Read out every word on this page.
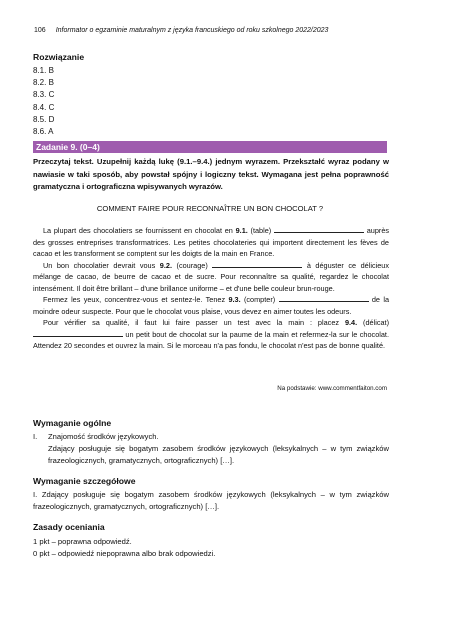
106 Informator o egzaminie maturalnym z języka francuskiego od roku szkolnego 2022/2023
Rozwiązanie
8.1. B
8.2. B
8.3. C
8.4. C
8.5. D
8.6. A
Zadanie 9. (0–4)
Przeczytaj tekst. Uzupełnij każdą lukę (9.1.–9.4.) jednym wyrazem. Przekształć wyraz podany w nawiasie w taki sposób, aby powstał spójny i logiczny tekst. Wymagana jest pełna poprawność gramatyczna i ortograficzna wpisywanych wyrazów.
COMMENT FAIRE POUR RECONNAÎTRE UN BON CHOCOLAT ?

La plupart des chocolatiers se fournissent en chocolat en 9.1. (table)	auprès des grosses entreprises transformatrices. Les petites chocolateries qui importent directement les fèves de cacao et les transforment se comptent sur les doigts de la main en France.

Un bon chocolatier devrait vous 9.2. (courage)	à déguster ce délicieux mélange de cacao, de beurre de cacao et de sucre. Pour reconnaître sa qualité, regardez le chocolat intensément. Il doit être brillant – d'une brillance uniforme – et d'une belle couleur brun-rouge.

Fermez les yeux, concentrez-vous et sentez-le. Tenez 9.3. (compter)	de la moindre odeur suspecte. Pour que le chocolat vous plaise, vous devez en aimer toutes les odeurs.

Pour vérifier sa qualité, il faut lui faire passer un test avec la main : placez 9.4. (délicat)  un petit bout de chocolat sur la paume de la main et refermez-la sur le chocolat. Attendez 20 secondes et ouvrez la main. Si le morceau n'a pas fondu, le chocolat n'est pas de bonne qualité.

Na podstawie: www.commentfaiton.com
Wymaganie ogólne
I.	Znajomość środków językowych.
Zdający posługuje się bogatym zasobem środków językowych (leksykalnych – w tym związków frazeologicznych, gramatycznych, ortograficznych) […].
Wymaganie szczegółowe
I. Zdający posługuje się bogatym zasobem środków językowych (leksykalnych – w tym związków frazeologicznych, gramatycznych, ortograficznych) […].
Zasady oceniania
1 pkt – poprawna odpowiedź.
0 pkt – odpowiedź niepoprawna albo brak odpowiedzi.
